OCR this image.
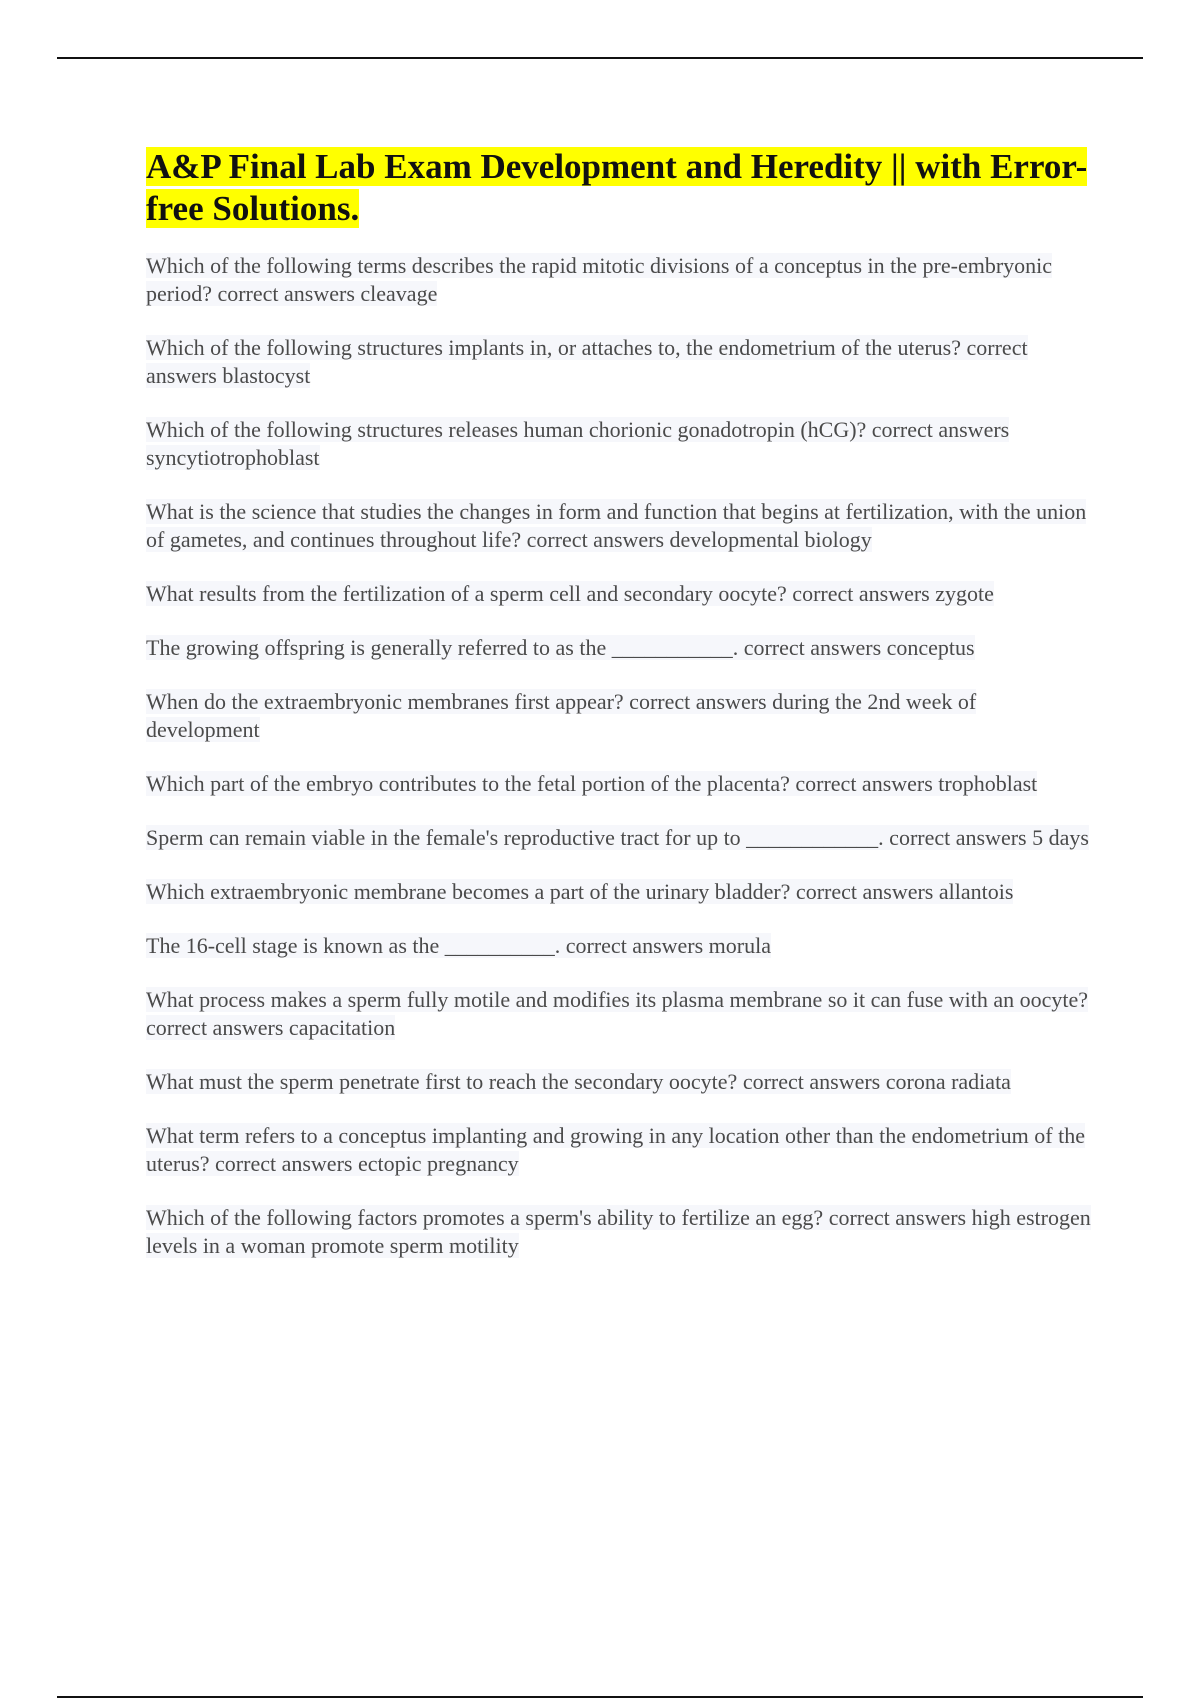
A&P Final Lab Exam Development and Heredity || with Error-free Solutions.
Which of the following terms describes the rapid mitotic divisions of a conceptus in the pre-embryonic period? correct answers cleavage
Which of the following structures implants in, or attaches to, the endometrium of the uterus? correct answers blastocyst
Which of the following structures releases human chorionic gonadotropin (hCG)? correct answers syncytiotrophoblast
What is the science that studies the changes in form and function that begins at fertilization, with the union of gametes, and continues throughout life? correct answers developmental biology
What results from the fertilization of a sperm cell and secondary oocyte? correct answers zygote
The growing offspring is generally referred to as the ___________. correct answers conceptus
When do the extraembryonic membranes first appear? correct answers during the 2nd week of development
Which part of the embryo contributes to the fetal portion of the placenta? correct answers trophoblast
Sperm can remain viable in the female's reproductive tract for up to ____________. correct answers 5 days
Which extraembryonic membrane becomes a part of the urinary bladder? correct answers allantois
The 16-cell stage is known as the __________. correct answers morula
What process makes a sperm fully motile and modifies its plasma membrane so it can fuse with an oocyte? correct answers capacitation
What must the sperm penetrate first to reach the secondary oocyte? correct answers corona radiata
What term refers to a conceptus implanting and growing in any location other than the endometrium of the uterus? correct answers ectopic pregnancy
Which of the following factors promotes a sperm's ability to fertilize an egg? correct answers high estrogen levels in a woman promote sperm motility
